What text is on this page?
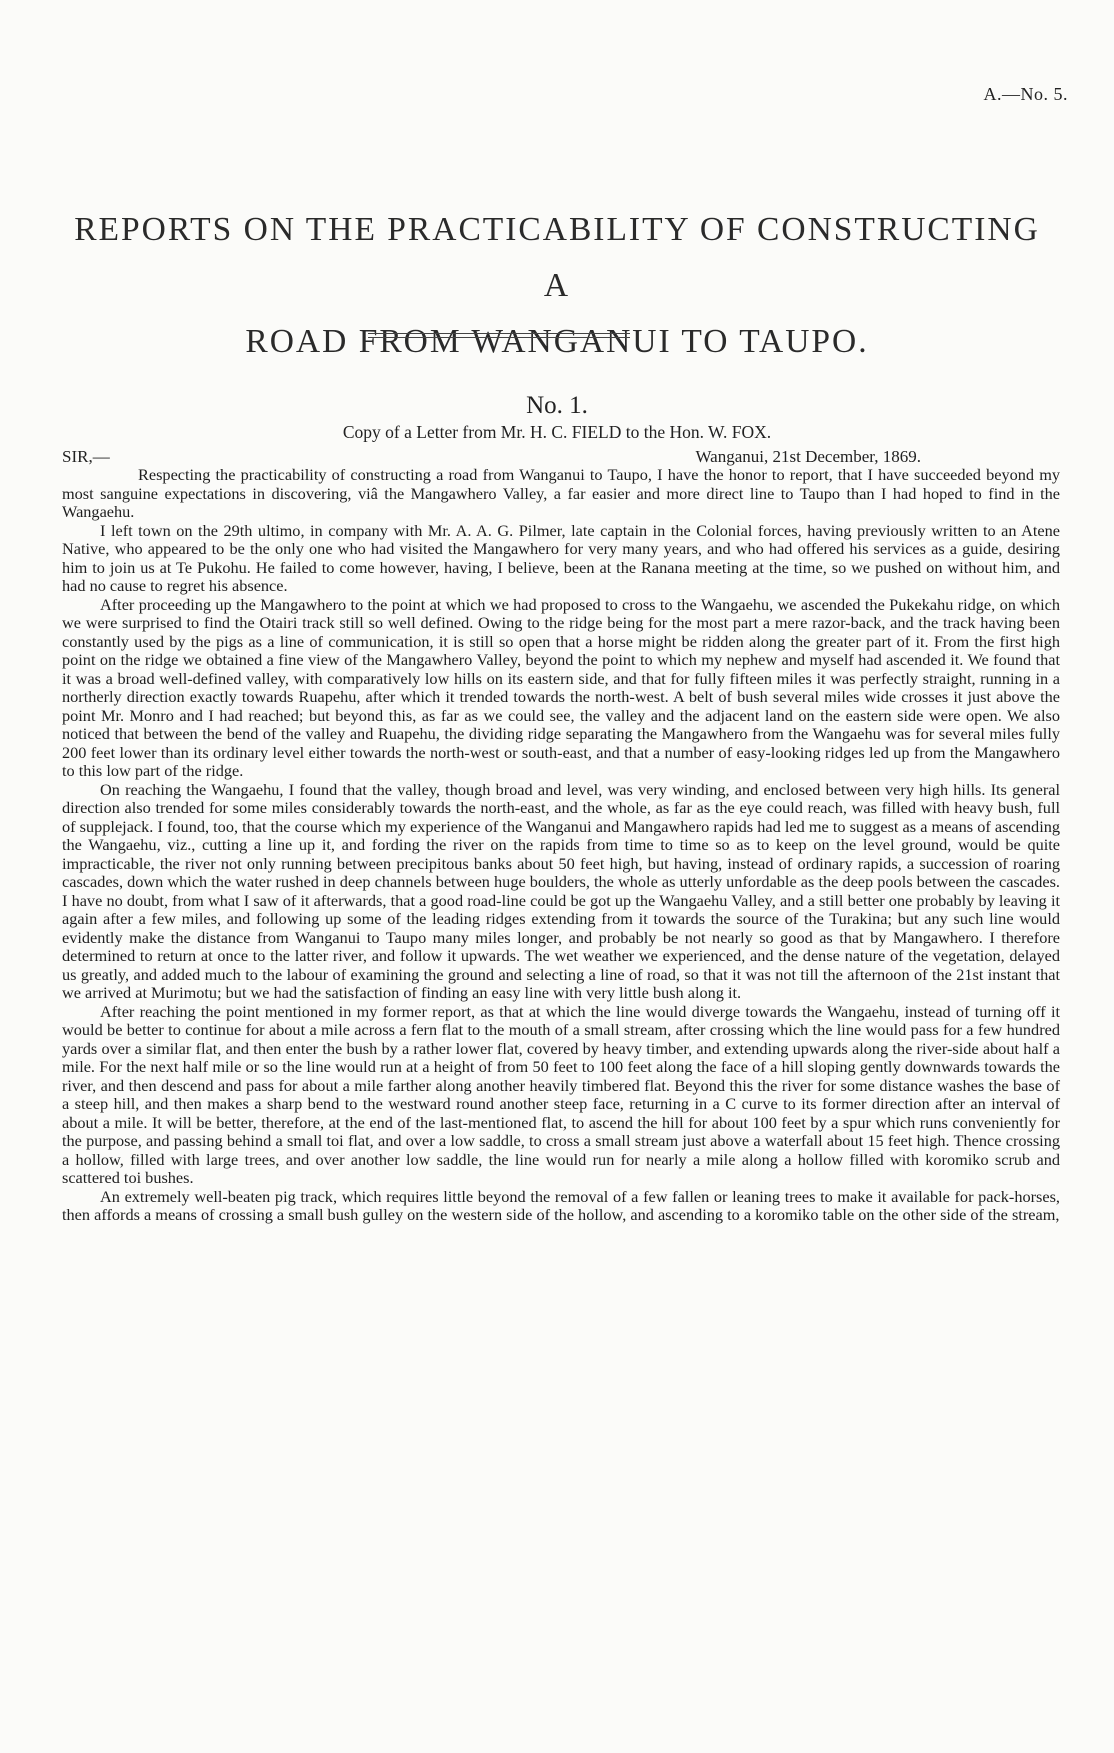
A.—No. 5.
REPORTS ON THE PRACTICABILITY OF CONSTRUCTING A
ROAD FROM WANGANUI TO TAUPO.
No. 1.
Copy of a Letter from Mr. H. C. FIELD to the Hon. W. FOX.
SIR,—	Wanganui, 21st December, 1869.

Respecting the practicability of constructing a road from Wanganui to Taupo, I have the honor to report, that I have succeeded beyond my most sanguine expectations in discovering, viâ the Mangawhero Valley, a far easier and more direct line to Taupo than I had hoped to find in the Wangaehu.

I left town on the 29th ultimo, in company with Mr. A. A. G. Pilmer, late captain in the Colonial forces, having previously written to an Atene Native, who appeared to be the only one who had visited the Mangawhero for very many years, and who had offered his services as a guide, desiring him to join us at Te Pukohu. He failed to come however, having, I believe, been at the Ranana meeting at the time, so we pushed on without him, and had no cause to regret his absence.

After proceeding up the Mangawhero to the point at which we had proposed to cross to the Wangaehu, we ascended the Pukekahu ridge, on which we were surprised to find the Otairi track still so well defined. Owing to the ridge being for the most part a mere razor-back, and the track having been constantly used by the pigs as a line of communication, it is still so open that a horse might be ridden along the greater part of it. From the first high point on the ridge we obtained a fine view of the Mangawhero Valley, beyond the point to which my nephew and myself had ascended it. We found that it was a broad well-defined valley, with comparatively low hills on its eastern side, and that for fully fifteen miles it was perfectly straight, running in a northerly direction exactly towards Ruapehu, after which it trended towards the north-west. A belt of bush several miles wide crosses it just above the point Mr. Monro and I had reached; but beyond this, as far as we could see, the valley and the adjacent land on the eastern side were open. We also noticed that between the bend of the valley and Ruapehu, the dividing ridge separating the Mangawhero from the Wangaehu was for several miles fully 200 feet lower than its ordinary level either towards the north-west or south-east, and that a number of easy-looking ridges led up from the Mangawhero to this low part of the ridge.

On reaching the Wangaehu, I found that the valley, though broad and level, was very winding, and enclosed between very high hills. Its general direction also trended for some miles considerably towards the north-east, and the whole, as far as the eye could reach, was filled with heavy bush, full of supplejack. I found, too, that the course which my experience of the Wanganui and Mangawhero rapids had led me to suggest as a means of ascending the Wangaehu, viz., cutting a line up it, and fording the river on the rapids from time to time so as to keep on the level ground, would be quite impracticable, the river not only running between precipitous banks about 50 feet high, but having, instead of ordinary rapids, a succession of roaring cascades, down which the water rushed in deep channels between huge boulders, the whole as utterly unfordable as the deep pools between the cascades. I have no doubt, from what I saw of it afterwards, that a good road-line could be got up the Wangaehu Valley, and a still better one probably by leaving it again after a few miles, and following up some of the leading ridges extending from it towards the source of the Turakina; but any such line would evidently make the distance from Wanganui to Taupo many miles longer, and probably be not nearly so good as that by Mangawhero. I therefore determined to return at once to the latter river, and follow it upwards. The wet weather we experienced, and the dense nature of the vegetation, delayed us greatly, and added much to the labour of examining the ground and selecting a line of road, so that it was not till the afternoon of the 21st instant that we arrived at Murimotu; but we had the satisfaction of finding an easy line with very little bush along it.

After reaching the point mentioned in my former report, as that at which the line would diverge towards the Wangaehu, instead of turning off it would be better to continue for about a mile across a fern flat to the mouth of a small stream, after crossing which the line would pass for a few hundred yards over a similar flat, and then enter the bush by a rather lower flat, covered by heavy timber, and extending upwards along the river-side about half a mile. For the next half mile or so the line would run at a height of from 50 feet to 100 feet along the face of a hill sloping gently downwards towards the river, and then descend and pass for about a mile farther along another heavily timbered flat. Beyond this the river for some distance washes the base of a steep hill, and then makes a sharp bend to the westward round another steep face, returning in a C curve to its former direction after an interval of about a mile. It will be better, therefore, at the end of the last-mentioned flat, to ascend the hill for about 100 feet by a spur which runs conveniently for the purpose, and passing behind a small toi flat, and over a low saddle, to cross a small stream just above a waterfall about 15 feet high. Thence crossing a hollow, filled with large trees, and over another low saddle, the line would run for nearly a mile along a hollow filled with koromiko scrub and scattered toi bushes.

An extremely well-beaten pig track, which requires little beyond the removal of a few fallen or leaning trees to make it available for pack-horses, then affords a means of crossing a small bush gulley on the western side of the hollow, and ascending to a koromiko table on the other side of the stream,
